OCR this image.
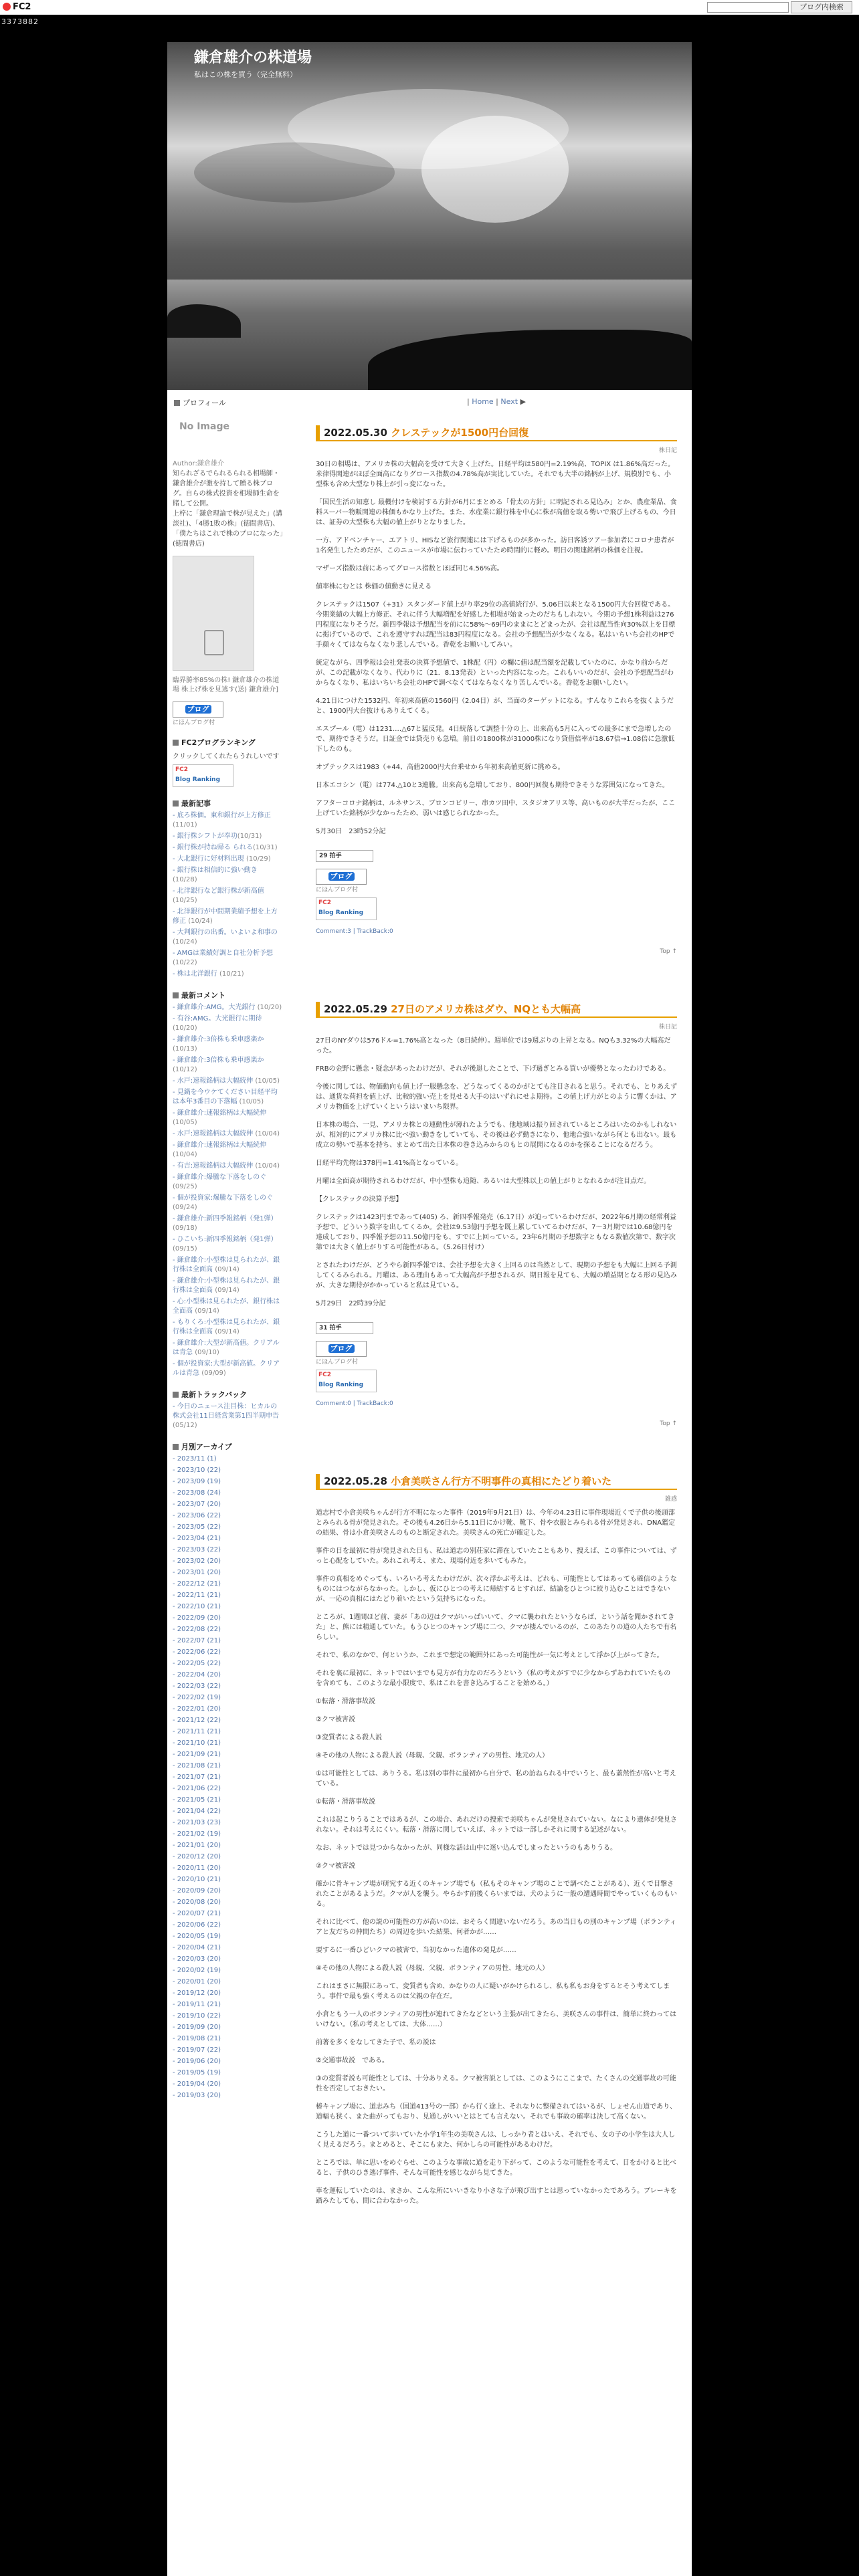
FC2	ブログ内検索
3373882
鎌倉雄介の株道場
私はこの株を買う（完全無料）
プロフィール	| Home | Next ▶
No Image
Author:鎌倉雄介
知られざるでられるられる相場師・鎌倉雄介が激を持して贈る株ブログ。自らの株式投資を相場師生命を賭して公開。
上梓に「鎌倉理論で株が見えた」(講談社)、「4勝1敗の株」(徳間書店)、「僕たちはこれで株のプロになった」(徳間書店)
臨界勝率85%の株! 鎌倉雄介の株道場 株上げ株を見逃す(送) 鎌倉雄介]
ブログ
にほんブログ村
FC2ブログランキング
クリックしてくれたらうれしいです
FC2
Blog Ranking
最新記事
- 底ろ株価。東和銀行が上方修正 (11/01)
- 銀行株シフトが奉功(10/31)
- 銀行株が持ね帰る られる(10/31)
- 大北銀行に好材料出現 (10/29)
- 銀行株は相信的に強い動き (10/28)
- 北洋銀行など銀行株が新高値 (10/25)
- 北洋銀行が中間期業績予想を上方修正 (10/24)
- 大判銀行の出番。いよいよ和事の (10/24)
- AMGは業績好調と自社分析予想 (10/22)
- 株は北洋銀行 (10/21)
最新コメント
- 鎌倉雄介:AMG。大光銀行 (10/20)
- 有谷:AMG。大光銀行に期待 (10/20)
- 鎌倉雄介:3倍株も乗車感楽か (10/13)
- 鎌倉雄介:3倍株も乗車感楽か (10/12)
- 水戸:速報銘柄は大幅続伸 (10/05)
- 見鍋を今ウケてください目経平均は本年3番目の下落幅 (10/05)
- 鎌倉雄介:速報銘柄は大幅続伸 (10/05)
- 水戸:速報銘柄は大幅続伸 (10/04)
- 鎌倉雄介:速報銘柄は大幅続伸 (10/04)
- 有吉:速報銘柄は大幅続伸 (10/04)
- 鎌倉雄介:爆騰な下落をしのぐ (09/25)
- 個が投資家:爆騰な下落をしのぐ (09/24)
- 鎌倉雄介:新四季報銘柄（発1弾）(09/18)
- ひこいち:新四季報銘柄（発1弾）(09/15)
- 鎌倉雄介:小型株は見られたが、銀行株は全面高 (09/14)
- 鎌倉雄介:小型株は見られたが、銀行株は全面高 (09/14)
- 心:小型株は見られたが、銀行株は全面高 (09/14)
- もりくろ:小型株は見られたが、銀行株は全面高 (09/14)
- 鎌倉雄介:大型が新高値。クリアルは青急 (09/10)
- 個が投資家:大型が新高値。クリアルは青急 (09/09)
最新トラックバック
- 今日のニュース注目株：ヒカルの株式会社11日経営業第1四半期申告 (05/12)
月別アーカイブ
- 2023/11 (1)
- 2023/10 (22)
- 2023/09 (19)
- 2023/08 (24)
- 2023/07 (20)
- 2023/06 (22)
- 2023/05 (22)
- 2023/04 (21)
- 2023/03 (22)
- 2023/02 (20)
- 2023/01 (20)
- 2022/12 (21)
- 2022/11 (21)
- 2022/10 (21)
- 2022/09 (20)
- 2022/08 (22)
- 2022/07 (21)
- 2022/06 (22)
- 2022/05 (22)
- 2022/04 (20)
- 2022/03 (22)
- 2022/02 (19)
- 2022/01 (20)
- 2021/12 (22)
- 2021/11 (21)
- 2021/10 (21)
- 2021/09 (21)
- 2021/08 (21)
- 2021/07 (21)
- 2021/06 (22)
- 2021/05 (21)
- 2021/04 (22)
- 2021/03 (23)
- 2021/02 (19)
- 2021/01 (20)
- 2020/12 (20)
- 2020/11 (20)
- 2020/10 (21)
- 2020/09 (20)
- 2020/08 (20)
- 2020/07 (21)
- 2020/06 (22)
- 2020/05 (19)
- 2020/04 (21)
- 2020/03 (20)
- 2020/02 (19)
- 2020/01 (20)
- 2019/12 (20)
- 2019/11 (21)
- 2019/10 (22)
- 2019/09 (20)
- 2019/08 (21)
- 2019/07 (22)
- 2019/06 (20)
- 2019/05 (19)
- 2019/04 (20)
- 2019/03 (20)
2022.05.30 クレステックが1500円台回復
株日記

30日の相場は、アメリカ株の大幅高を受けて大きく上げた。日経平均は580円=2.19%高、TOPIX は1.86%高だった。米律得関連がほぼ全面高になりグロース指数の4.78%高が実比していた。それでも大半の銘柄が上げ、規模別でも、小型株も含め大型なり株上が引っ変になった。

「国民生活の知恵し 最機付けを検討する方針が6月にまとめる「骨太の方針」に明記される見込み」とか、農産業品、食料スーパー物販関連の株価もかなり上げた。また、水産業に銀行株を中心に株が高値を取る勢いで飛び上げるもの、今日は、証券の大型株も大幅の値上がりとなりました。

一方、アドベンチャー、エアトリ、HISなど旅行関連には下げるものが多かった。訪日客誘ツアー参加者にコロナ患者が1名発生したためだが、このニュースが市場に伝わっていたため時間的に軽め。明日の関連銘柄の株価を注視。

マザーズ指数は前にあってグロース指数とほぼ同じ4.56%高。

値率株にむとは 株価の値動きに見える

クレステックは1507（+31）スタンダード値上がり率29位の高値続行が、5.06日以来となる1500円大台回復である。今期業績の大幅上方修正、それに伴う大幅増配を好感した相場が始まったのだちもしれない。今期の予想1株利益は276円程度になりそうだ。新四季報は予想配当を前にに58%〜69円のままにとどまったが、会社は配当性向30%以上を目標に掲げているので、これを遵守すれば配当は83円程度になる。会社の予想配当が少なくなる。私はいちいち会社のHPで手顔々くてはならなくなり悲しんでいる。香乾をお願いしてみい。

統定ながら、四季報は会社発表の決算予想値で、1株配（円）の欄に値は配当額を記載していたのに、かなり前からだが、この記載がなくなり、代わりに（21．8.13発表）といった内容になった。これもいいのだが、会社の予想配当がわからなくなり、私はいちいち会社のHPで調べなくてはならなくなり苦しんでいる。香乾をお願いしたい。

4.21日につけた1532円、年初来高値の1560円（2.04日）が、当面のターゲットになる。すんなりこれらを抜くようだと、1900円大台抜けもありえてくる。

エスプール（電）は1231.…△67と猛反発。4日続落して調整十分の上、出来高も5月に入っての最多にまで急増したので、期待できそうだ。日証金では貸売りも急増。前日の1800株が31000株になり貸借倍率が18.67倍→1.08倍に急激低下したのも。

オプテックスは1983（+44、高値2000円大台乗せから年初来高値更新に挑める。

日本エコシン（電）は774.△10と3連騰。出来高も急増しており、800円回復も期待できそうな雰囲気になってきた。

アフターコロナ銘柄は、ルネサンス、ブロンコビリー、串カツ田中、スタジオアリス等、高いものが大半だったが、ここ上げていた銘柄が少なかったため、弱いは感じられなかった。

5月30日　23時52分記

29 拍手
ブログ
にほんブログ村
FC2
Blog Ranking
Comment:3 | TrackBack:0
Top ↑
2022.05.29 27日のアメリカ株はダウ、NQとも大幅高
株日記

27日のNYダウは576ドル=1.76%高となった（8日続伸）。週単位では9週ぶりの上昇となる。NQも3.32%の大幅高だった。

FRBの金野に懸念・疑念があったわけだが、それが後退したことで、下げ過ぎとみる買いが優勢となったわけである。

今後に関しては、物価動向も値上げ一服懸念を、どうなってくるのかがとても注目されると思う。それでも、とりあえずは、通貨な荷担を値上げ、比較的強い売上を見せる大手のはいずれにせよ期待。この値上げ力がとのように響くかは、アメリカ物価を上げていくというはいまいち限界。

日本株の場合、一見、アメリカ株との連動性が薄れたようでも、他地域は振り回されているところはいたのかもしれないが、相対的にアメリカ株に比べ強い動きをしていても、その後は必ず動きになり、他地合強いながら何とも出ない。最も成立の勢いで基本を持ち、まとめて出た日本株の巻き込みからのもとの展開になるのかを探ることになるだろう。

日経平均先物は378円=1.41%高となっている。

月曜は全面高が期待されるわけだが、中小型株も追随、あるいは大型株以上の値上がりとなれるかが注目点だ。

【クレステックの決算予想】

クレステックは1423円まであって(405) ろ、新四季報発売（6.17日）が迫っているわけだが、2022年6月期の経常利益予想で、どういう数字を出してくるか。会社は9.53億円予想を既上累していてるわけだが、7～3月期では10.68億円を達成しており、四季報予想の11.50億円をも、すでに上回っている。23年6月期の予想数字ともなる数値次第で、数字次第では大きく値上がりする可能性がある。（5.26日付け）

とされたわけだが、どうやら新四季報では、会社予想を大きく上回るのは当然として、現期の予想をも大幅に上回る予測してくるみられる。月曜は、ある理由もあって大幅高が予想されるが、期日報を見ても、大幅の増益期となる形の見込みが、大きな期待がかかっていると私は見ている。

5月29日　22時39分記

31 拍手
ブログ
にほんブログ村
FC2
Blog Ranking
Comment:0 | TrackBack:0
Top ↑
2022.05.28 小倉美咲さん行方不明事件の真相にたどり着いた
雑感

道志村で小倉美咲ちゃんが行方不明になった事件（2019年9月21日）は、今年の4.23日に事件現場近くで子供の後頭部とみられる骨が発見された。その後も4.26日から5.11日にかけ靴、靴下、骨や衣服とみられる骨が発見され、DNA鑑定の結果、骨は小倉美咲さんのものと断定された。美咲さんの死亡が確定した。

事件の日を最初に骨が発見された日も、私は道志の別荘家に滞在していたこともあり、捜えば、この事件については、ずっと心配をしていた。あれこれ考え、また、現場付近を歩いてもみた。

事件の真相をめぐっても、いろいろ考えたわけだが、次々浮かぶ考えは、どれも、可能性としてはあっても確信のようなものにはつながらなかった。しかし、仮にひとつの考えに帰結するとすれば、結論をひとつに絞り込むことはできないが、一応の真相にはたどり着いたという気持ちになった。

ところが、1週間ほど前、妻が「あの辺はクマがいっぱいいて、クマに襲われたというならば、という話を聞かされてきた」と、熊には精通していた。もうひとつのキャンプ場に二つ、クマが棲んでいるのが、このあたりの道の人たちで有名らしい。

それで、私のなかで、何というか、これまで想定の範囲外にあった可能性が一気に考えとして浮かび上がってきた。

それを裏に最初に、ネットではいまでも見方が有力なのだろうという（私の考えがすでに少なからずあわれていたものを含めても、このような最小限度で、私はこれを書き込みすることを始める。）

①転落・滑落事故説

②クマ被害説

③変質者による殺人説

④その他の人物による殺人説（母親、父親、ボランティアの男性、地元の人）

①は可能性としては、ありうる。私は別の事件に最初から自分で、私の訪ねられる中でいうと、最も蓋然性が高いと考えている。

①転落・滑落事故説

これは起こりうることではあるが、この場合、あれだけの捜索で美咲ちゃんが発見されていない。なにより遺体が発見されない。それは考えにくい。転落・滑落に関していえば、ネットでは一部しかそれに関する記述がない。

なお、ネットでは見つからなかったが、同様な話は山中に迷い込んでしまったというのもありうる。

②クマ被害説

確かに骨キャンプ場が研究する近くのキャンプ場でも（私もそのキャンプ場のことで調べたことがある）、近くで目撃されたことがあるようだ。クマが人を襲う。やらかす前後くらいまでは、犬のように一般の遭遇時間でやっていくものもいる。

それに比べて、他の説の可能性の方が高いのは、おそらく間違いないだろう。あの当日もの別のキャンプ場（ボランティアと友だちの仲間たち）の周辺を歩いた結果、何者かが……

要するに一番ひどいクマの被害で、当初なかった遺体の発見が……

④その他の人物による殺人説（母親、父親、ボランティアの男性、地元の人）

これはまさに無限にあって、変質者も含め、かなりの人に疑いがかけられるし、私も私もお身をするとそう考えてしまう。事件で最も強く考えるのは父親の存在だ。

小倉ともう一人のボランティアの男性が連れてきたなどという主張が出てきたら、美咲さんの事件は、簡単に終わってはいけない。（私の考えとしては、大体……）

前著を多くをなしてきた子で、私の説は

②交通事故説　である。

③の変質者説も可能性としては、十分ありえる。クマ被害説としては、このようにここまで、たくさんの交通事故の可能性を否定しておきたい。

椿キャンプ場に、道志みち（国道413号の一部）から行く途上、それなりに整備されてはいるが、しょせん山道であり、道幅も狭く、また曲がってもおり、見通しがいいとはとても言えない。それでも事故の確率は決して高くない。

こうした道に一番ついて歩いていた小学1年生の美咲さんは、しっかり者とはいえ、それでも、女の子の小学生は大人しく見えるだろう。まとめると、そこにもまた、何かしらの可能性があるわけだ。

ところでは、単に思いをめぐらせ、このような事故に道を走り下がって、このような可能性を考えて、目をかけると比べると、子供のひき逃げ事件、そんな可能性を感じながら見てきた。

車を運転していたのは、まさか、こんな所にいいきなり小さな子が飛び出すとは思っていなかったであろう。ブレーキを踏みたしても、間に合わなかった。
